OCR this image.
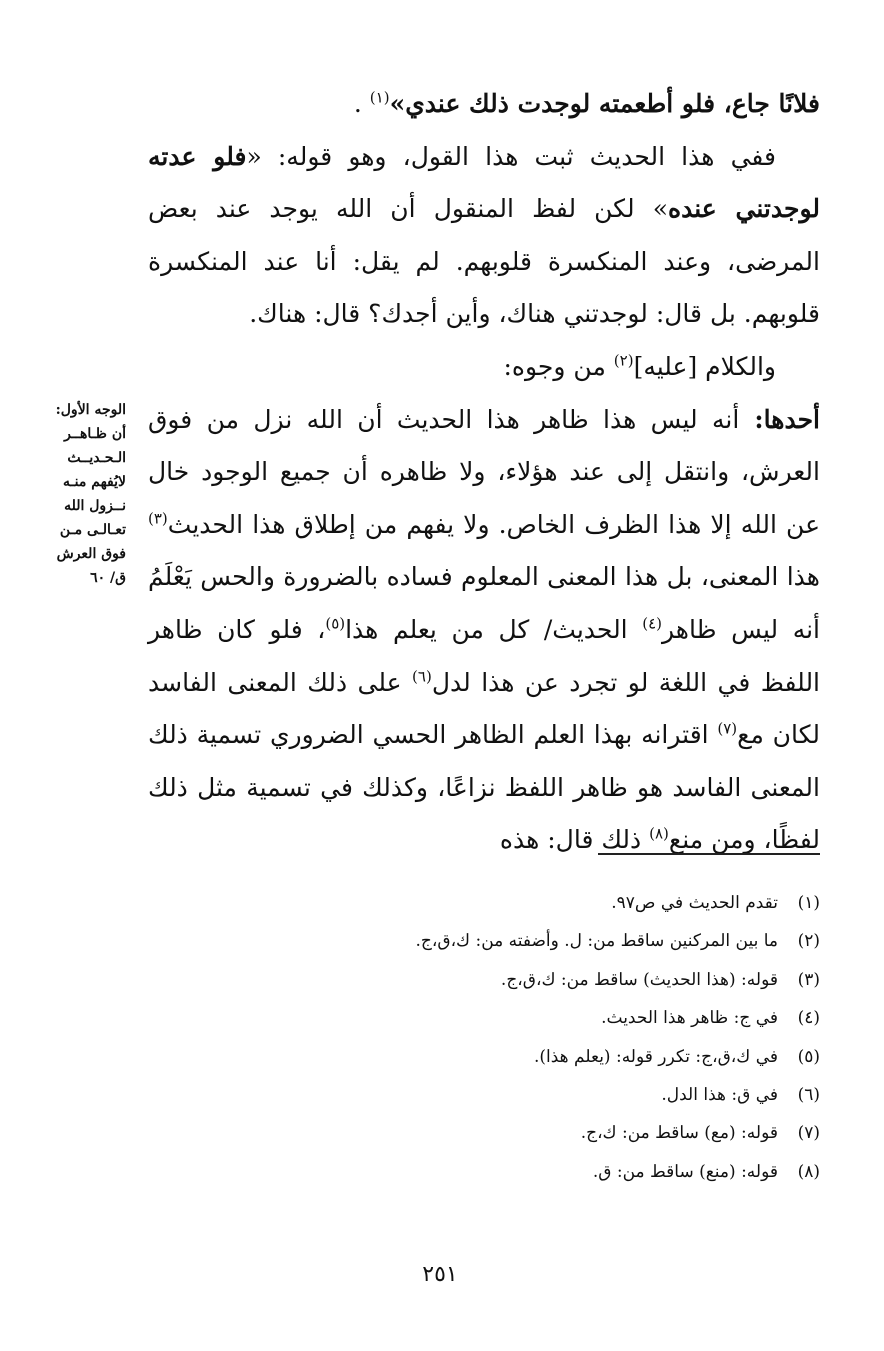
فلانًا جاع، فلو أطعمته لوجدت ذلك عندي»$^{(١)}$ .

ففي هذا الحديث ثبت هذا القول، وهو قوله: «فلو عدته لوجدتني عنده» لكن لفظ المنقول أن الله يوجد عند بعض المرضى، وعند المنكسرة قلوبهم. لم يقل: أنا عند المنكسرة قلوبهم. بل قال: لوجدتني هناك، وأين أجدك؟ قال: هناك.

والكلام [عليه]$^{(٢)}$ من وجوه:

أحدها: أنه ليس هذا ظاهر هذا الحديث أن الله نزل من فوق العرش، وانتقل إلى عند هؤلاء، ولا ظاهره أن جميع الوجود خال عن الله إلا هذا الظرف الخاص. ولا يفهم من إطلاق هذا الحديث$^{(٣)}$ هذا المعنى، بل هذا المعنى المعلوم فساده بالضرورة والحس يَعْلَمُ أنه ليس ظاهر$^{(٤)}$ الحديث/ كل من يعلم هذا$^{(٥)}$، فلو كان ظاهر اللفظ في اللغة لو تجرد عن هذا لدل$^{(٦)}$ على ذلك المعنى الفاسد لكان مع$^{(٧)}$ اقترانه بهذا العلم الظاهر الحسي الضروري تسمية ذلك المعنى الفاسد هو ظاهر اللفظ نزاعًا، وكذلك في تسمية مثل ذلك لفظًا، ومن منع$^{(٨)}$ ذلك قال: هذه

الوجه الأول:
أن ظـاهــر
الـحـديــث
لايُفهم منـه
نــزول الله
تعـالـى مـن
فوق العرش
ق/ ٦٠
(١)تقدم الحديث في ص٩٧.
(٢)ما بين المركنين ساقط من: ل. وأضفته من: ك،ق،ج.
(٣)قوله: (هذا الحديث) ساقط من: ك،ق،ج.
(٤)في ج: ظاهر هذا الحديث.
(٥)في ك،ق،ج: تكرر قوله: (يعلم هذا).
(٦)في ق: هذا الدل.
(٧)قوله: (مع) ساقط من: ك،ج.
(٨)قوله: (منع) ساقط من: ق.
٢٥١
